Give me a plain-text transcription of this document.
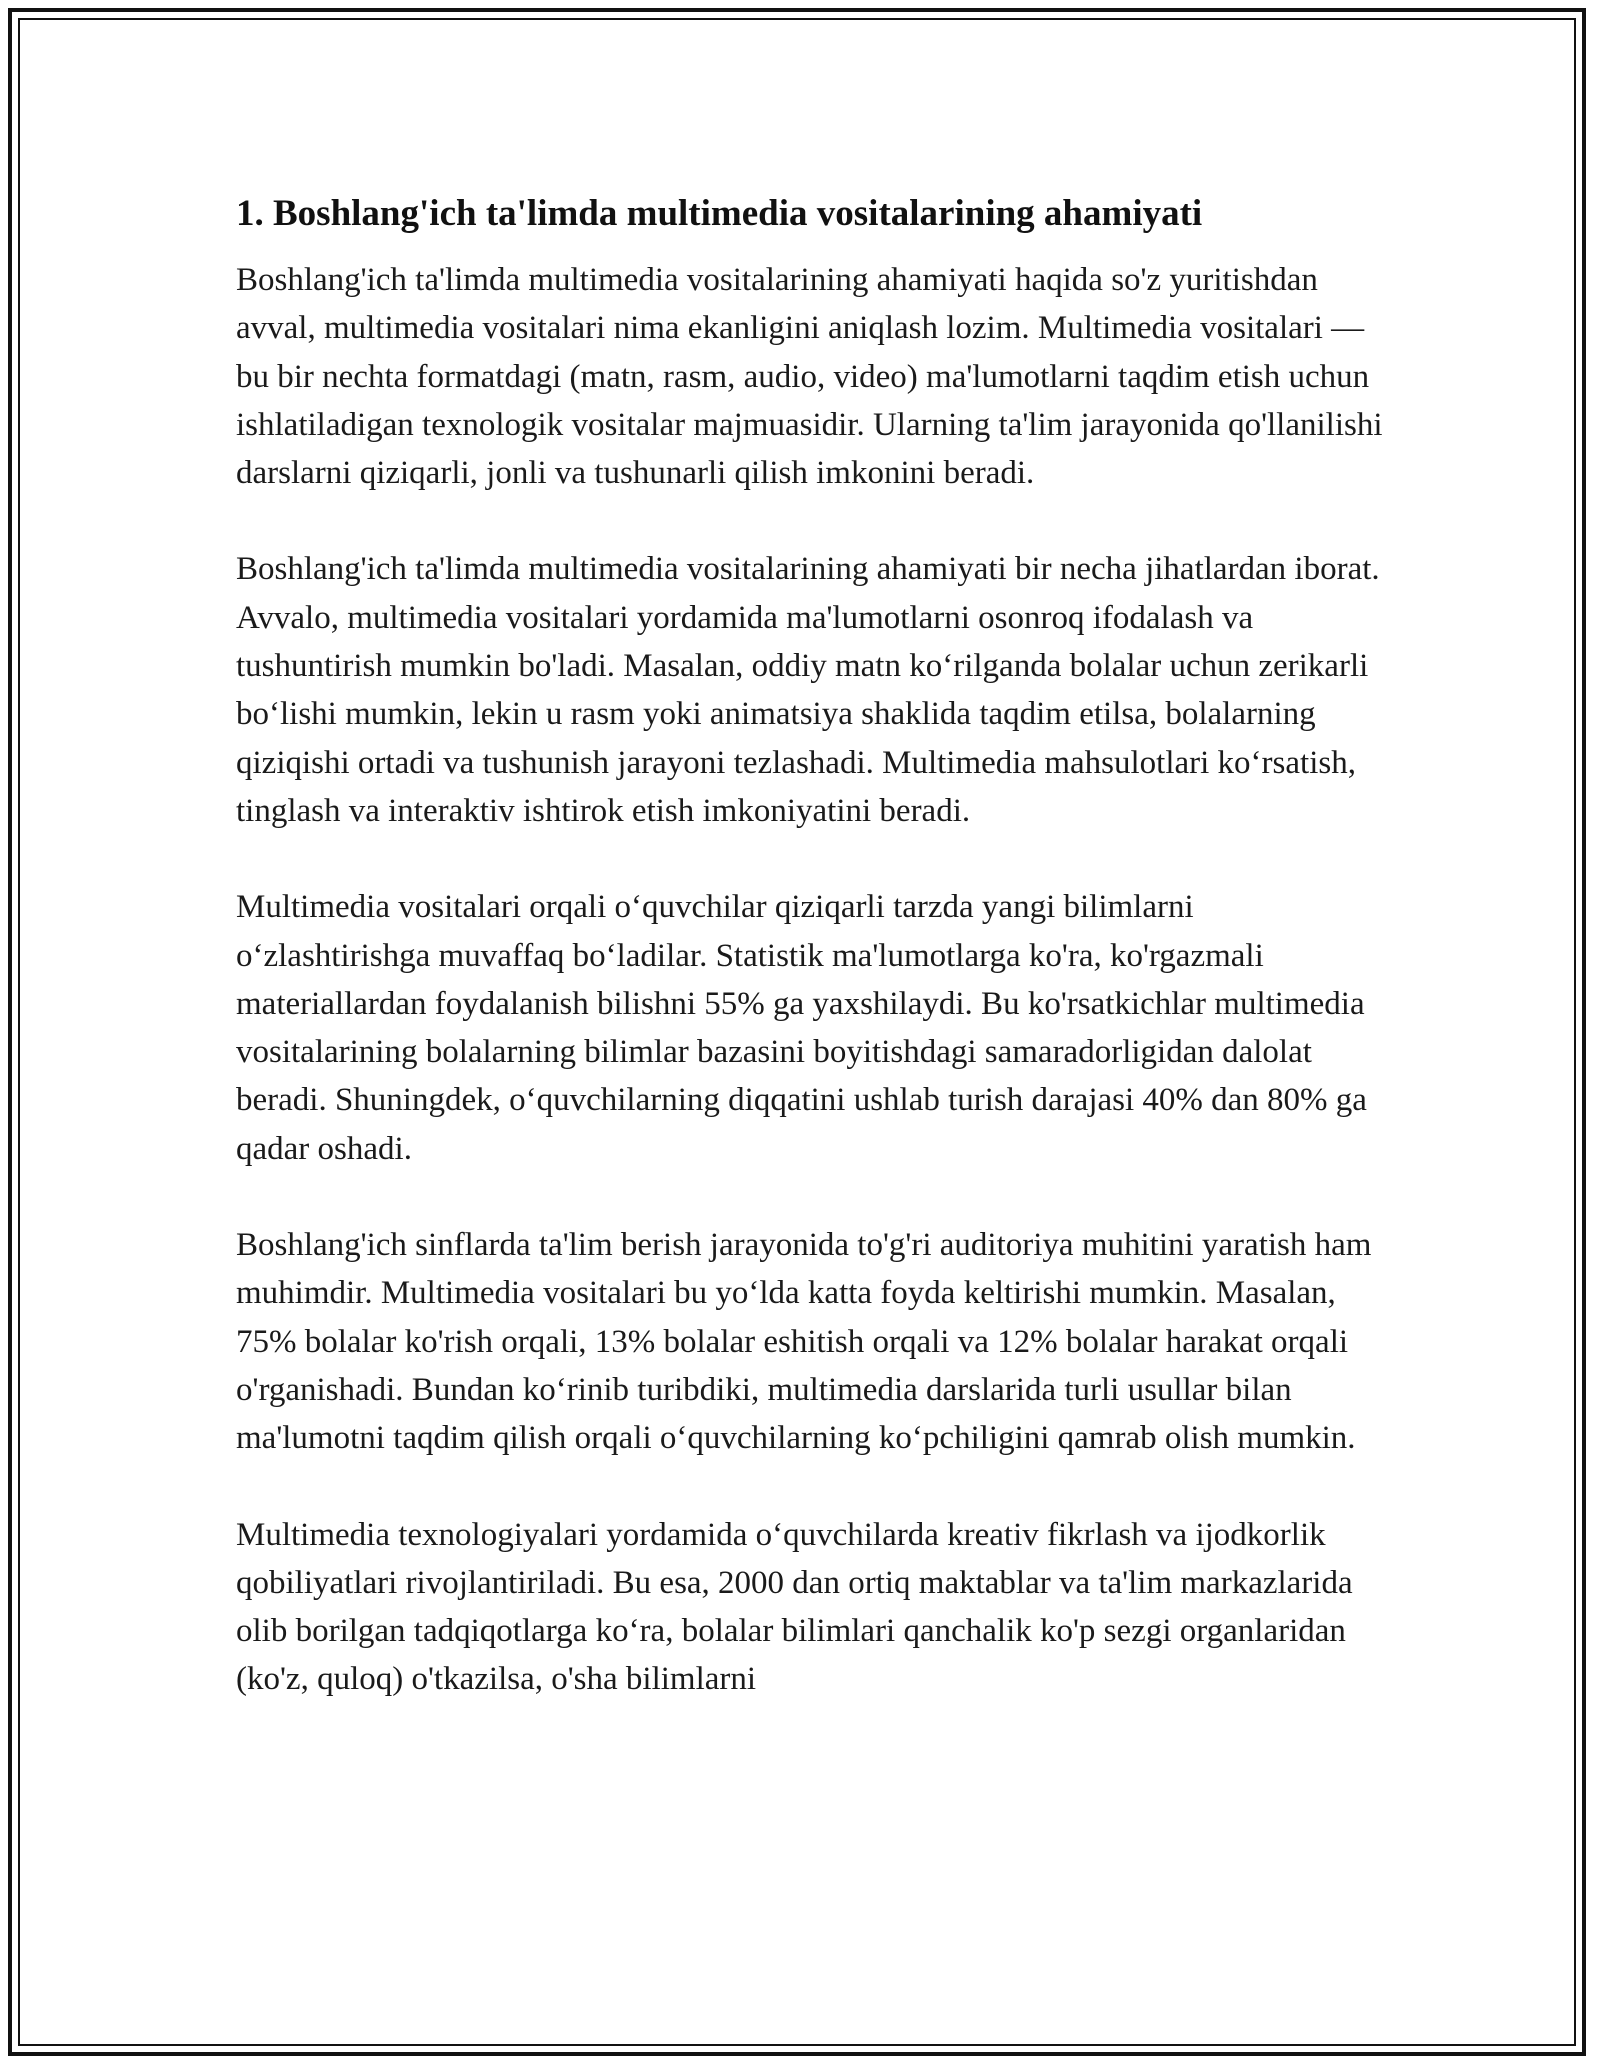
1. Boshlang'ich ta'limda multimedia vositalarining ahamiyati

Boshlang'ich ta'limda multimedia vositalarining ahamiyati haqida so'z yuritishdan avval, multimedia vositalari nima ekanligini aniqlash lozim. Multimedia vositalari — bu bir nechta formatdagi (matn, rasm, audio, video) ma'lumotlarni taqdim etish uchun ishlatiladigan texnologik vositalar majmuasidir. Ularning ta'lim jarayonida qo'llanilishi darslarni qiziqarli, jonli va tushunarli qilish imkonini beradi.

Boshlang'ich ta'limda multimedia vositalarining ahamiyati bir necha jihatlardan iborat. Avvalo, multimedia vositalari yordamida ma'lumotlarni osonroq ifodalash va tushuntirish mumkin bo'ladi. Masalan, oddiy matn ko‘rilganda bolalar uchun zerikarli bo‘lishi mumkin, lekin u rasm yoki animatsiya shaklida taqdim etilsa, bolalarning qiziqishi ortadi va tushunish jarayoni tezlashadi. Multimedia mahsulotlari ko‘rsatish, tinglash va interaktiv ishtirok etish imkoniyatini beradi.

Multimedia vositalari orqali o‘quvchilar qiziqarli tarzda yangi bilimlarni o‘zlashtirishga muvaffaq bo‘ladilar. Statistik ma'lumotlarga ko'ra, ko'rgazmali materiallardan foydalanish bilishni 55% ga yaxshilaydi. Bu ko'rsatkichlar multimedia vositalarining bolalarning bilimlar bazasini boyitishdagi samaradorligidan dalolat beradi. Shuningdek, o‘quvchilarning diqqatini ushlab turish darajasi 40% dan 80% ga qadar oshadi.

Boshlang'ich sinflarda ta'lim berish jarayonida to'g'ri auditoriya muhitini yaratish ham muhimdir. Multimedia vositalari bu yo‘lda katta foyda keltirishi mumkin. Masalan, 75% bolalar ko'rish orqali, 13% bolalar eshitish orqali va 12% bolalar harakat orqali o'rganishadi. Bundan ko‘rinib turibdiki, multimedia darslarida turli usullar bilan ma'lumotni taqdim qilish orqali o‘quvchilarning ko‘pchiligini qamrab olish mumkin.

Multimedia texnologiyalari yordamida o‘quvchilarda kreativ fikrlash va ijodkorlik qobiliyatlari rivojlantiriladi. Bu esa, 2000 dan ortiq maktablar va ta'lim markazlarida olib borilgan tadqiqotlarga ko‘ra, bolalar bilimlari qanchalik ko'p sezgi organlaridan (ko'z, quloq) o'tkazilsa, o'sha bilimlarni
